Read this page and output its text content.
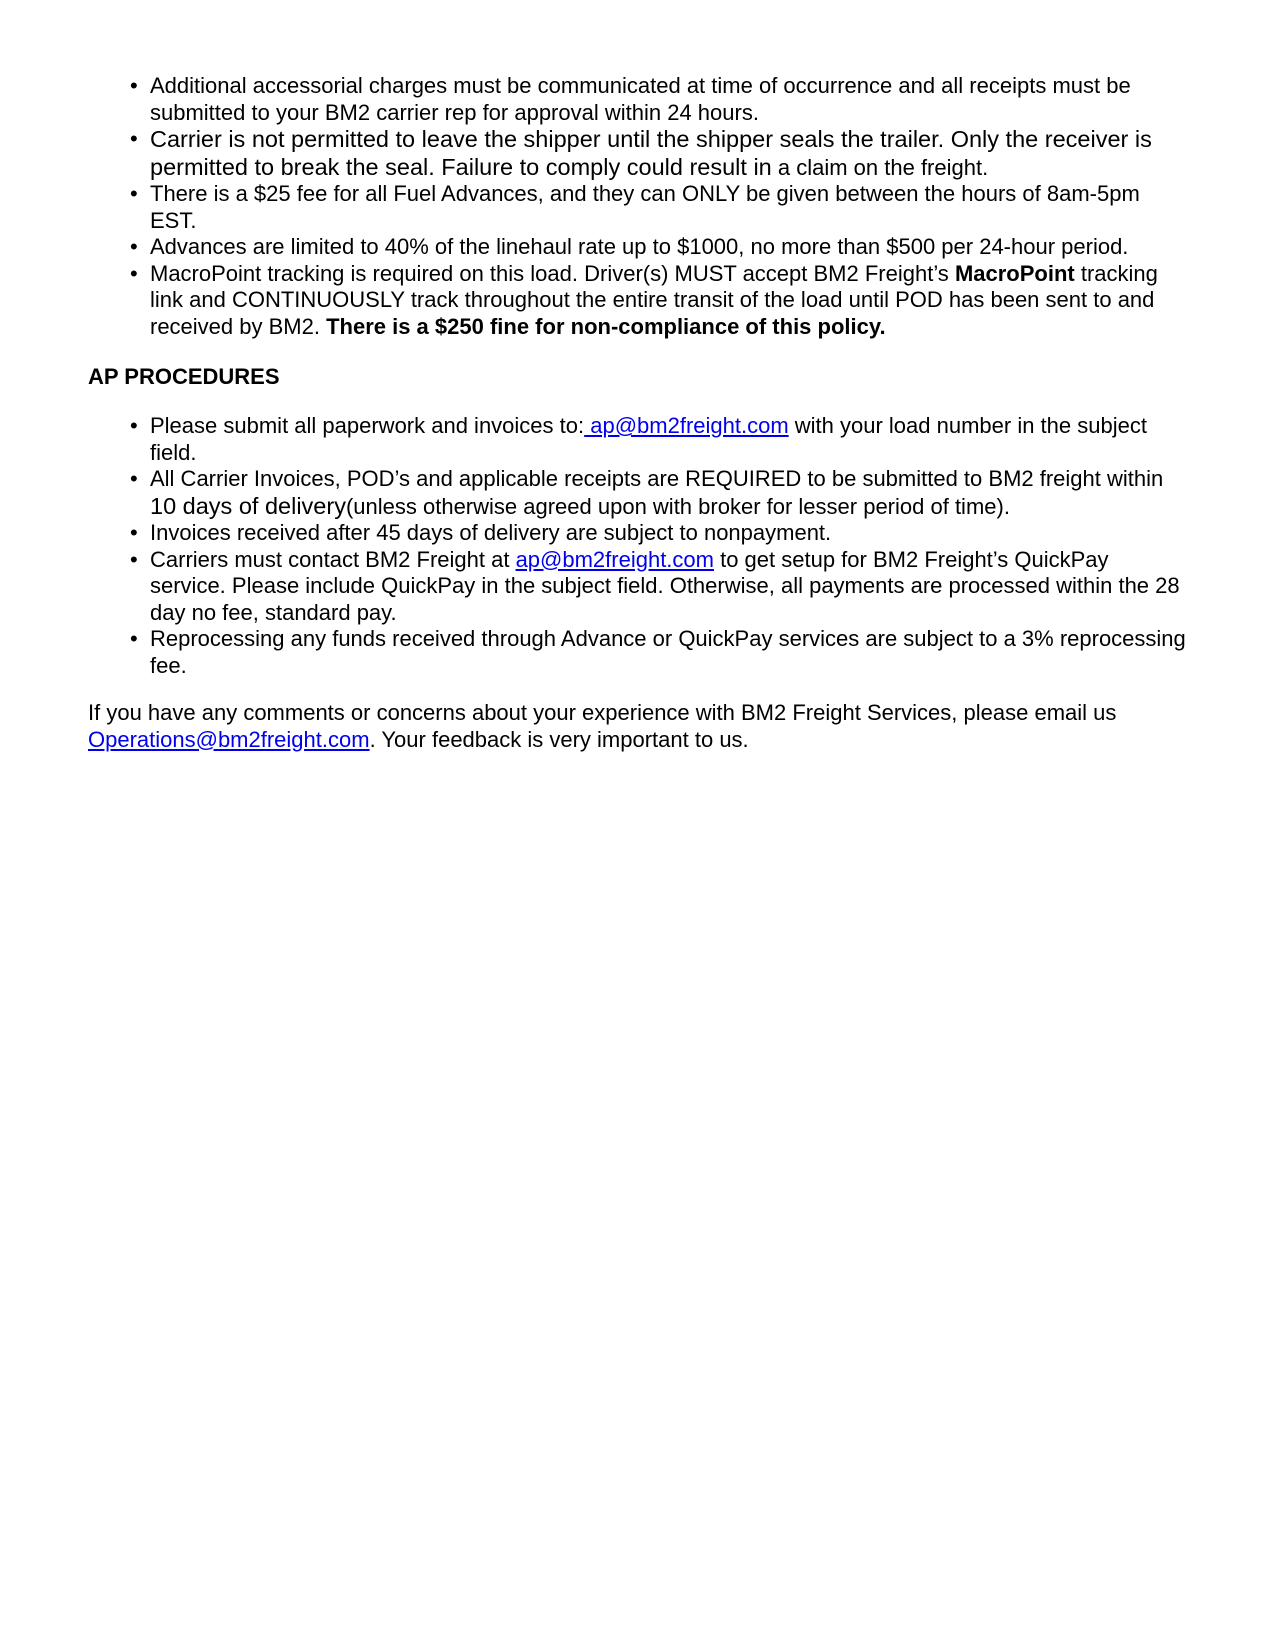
• Additional accessorial charges must be communicated at time of occurrence and all receipts must be submitted to your BM2 carrier rep for approval within 24 hours.
• Carrier is not permitted to leave the shipper until the shipper seals the trailer. Only the receiver is permitted to break the seal. Failure to comply could result in a claim on the freight.
• There is a $25 fee for all Fuel Advances, and they can ONLY be given between the hours of 8am-5pm EST.
• Advances are limited to 40% of the linehaul rate up to $1000, no more than $500 per 24-hour period.
• MacroPoint tracking is required on this load. Driver(s) MUST accept BM2 Freight’s MacroPoint tracking link and CONTINUOUSLY track throughout the entire transit of the load until POD has been sent to and received by BM2. There is a $250 fine for non-compliance of this policy.
AP PROCEDURES
• Please submit all paperwork and invoices to: ap@bm2freight.com with your load number in the subject field.
• All Carrier Invoices, POD’s and applicable receipts are REQUIRED to be submitted to BM2 freight within 10 days of delivery(unless otherwise agreed upon with broker for lesser period of time).
• Invoices received after 45 days of delivery are subject to nonpayment.
• Carriers must contact BM2 Freight at ap@bm2freight.com to get setup for BM2 Freight’s QuickPay service. Please include QuickPay in the subject field. Otherwise, all payments are processed within the 28 day no fee, standard pay.
• Reprocessing any funds received through Advance or QuickPay services are subject to a 3% reprocessing fee.

If you have any comments or concerns about your experience with BM2 Freight Services, please email us Operations@bm2freight.com. Your feedback is very important to us.
